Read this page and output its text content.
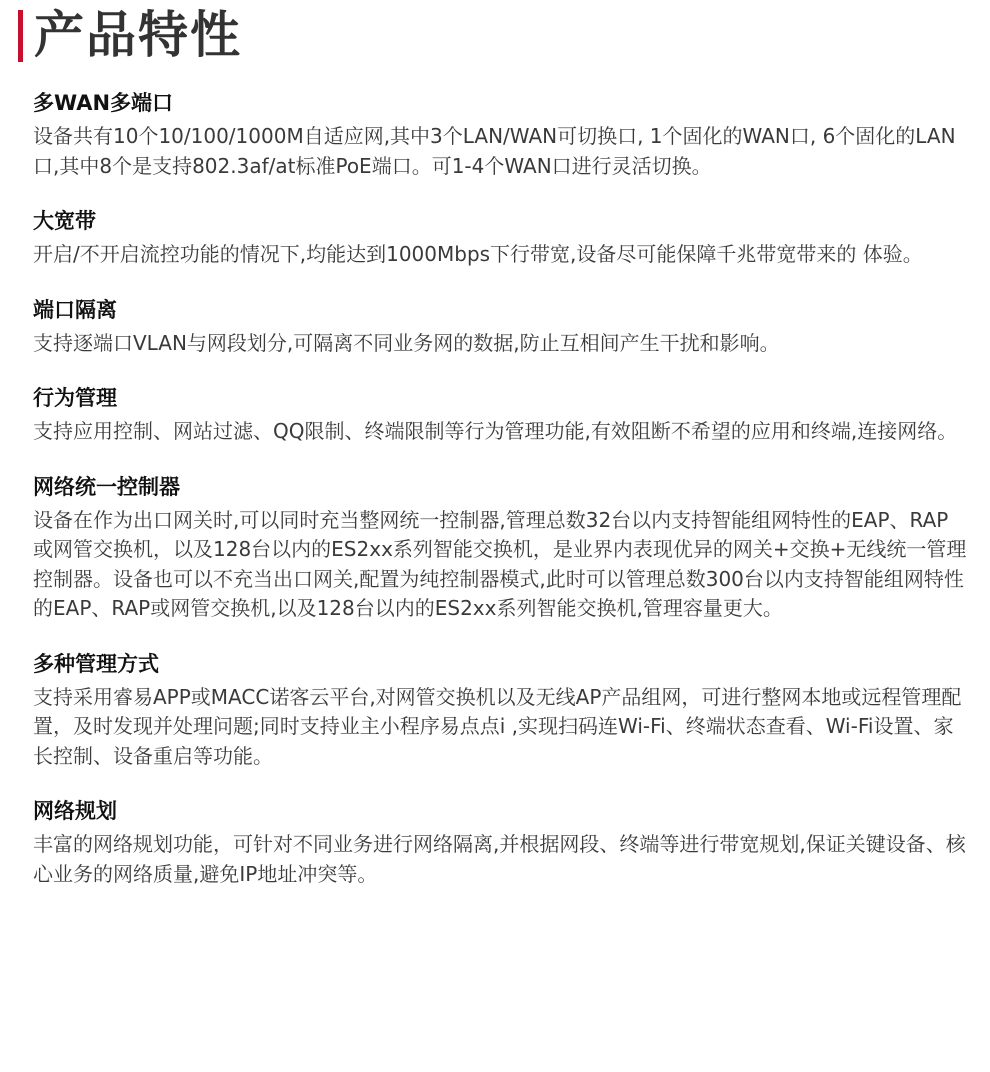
产品特性
多WAN多端口

设备共有10个10/100/1000M自适应网,其中3个LAN/WAN可切换口, 1个固化的WAN口, 6个固化的LAN口,其中8个是支持802.3af/at标准PoE端口。可1-4个WAN口进行灵活切换。

大宽带

开启/不开启流控功能的情况下,均能达到1000Mbps下行带宽,设备尽可能保障千兆带宽带来的 体验。

端口隔离

支持逐端口VLAN与网段划分,可隔离不同业务网的数据,防止互相间产生干扰和影响。

行为管理

支持应用控制、网站过滤、QQ限制、终端限制等行为管理功能,有效阻断不希望的应用和终端,连接网络。

网络统一控制器

设备在作为出口网关时,可以同时充当整网统一控制器,管理总数32台以内支持智能组网特性的EAP、RAP或网管交换机，以及128台以内的ES2xx系列智能交换机，是业界内表现优异的网关+交换+无线统一管理控制器。设备也可以不充当出口网关,配置为纯控制器模式,此时可以管理总数300台以内支持智能组网特性的EAP、RAP或网管交换机,以及128台以内的ES2xx系列智能交换机,管理容量更大。

多种管理方式

支持采用睿易APP或MACC诺客云平台,对网管交换机以及无线AP产品组网，可进行整网本地或远程管理配置，及时发现并处理问题;同时支持业主小程序易点点i ,实现扫码连Wi-Fi、终端状态查看、Wi-Fi设置、家长控制、设备重启等功能。

网络规划

丰富的网络规划功能，可针对不同业务进行网络隔离,并根据网段、终端等进行带宽规划,保证关键设备、核心业务的网络质量,避免IP地址冲突等。
